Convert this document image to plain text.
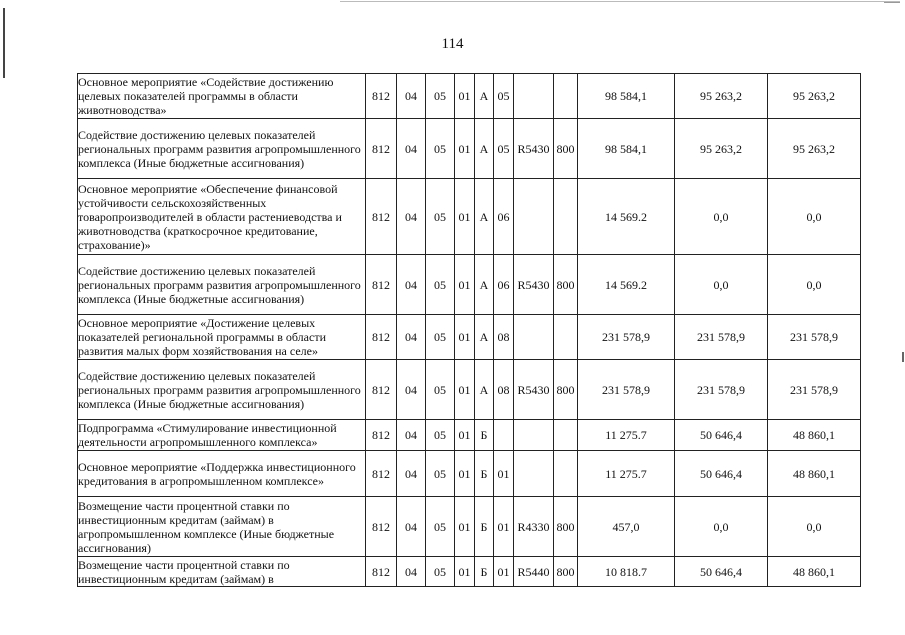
114
Основное мероприятие «Содействие достижению целевых показателей программы в области животноводства»	812	04	05	01	А	05			98 584,1	95 263,2	95 263,2
Содействие достижению целевых показателей региональных программ развития агропромышленного комплекса (Иные бюджетные ассигнования)	812	04	05	01	А	05	R5430	800	98 584,1	95 263,2	95 263,2
Основное мероприятие «Обеспечение финансовой устойчивости сельскохозяйственных товаропроизводителей в области растениеводства и животноводства (краткосрочное кредитование, страхование)»	812	04	05	01	А	06			14 569.2	0,0	0,0
Содействие достижению целевых показателей региональных программ развития агропромышленного комплекса (Иные бюджетные ассигнования)	812	04	05	01	А	06	R5430	800	14 569.2	0,0	0,0
Основное мероприятие «Достижение целевых показателей региональной программы в области развития малых форм хозяйствования на селе»	812	04	05	01	А	08			231 578,9	231 578,9	231 578,9
Содействие достижению целевых показателей региональных программ развития агропромышленного комплекса (Иные бюджетные ассигнования)	812	04	05	01	А	08	R5430	800	231 578,9	231 578,9	231 578,9
Подпрограмма «Стимулирование инвестиционной деятельности агропромышленного комплекса»	812	04	05	01	Б				11 275.7	50 646,4	48 860,1
Основное мероприятие «Поддержка инвестиционного кредитования в агропромышленном комплексе»	812	04	05	01	Б	01			11 275.7	50 646,4	48 860,1
Возмещение части процентной ставки по инвестиционным кредитам (займам) в агропромышленном комплексе (Иные бюджетные ассигнования)	812	04	05	01	Б	01	R4330	800	457,0	0,0	0,0
Возмещение части процентной ставки по инвестиционным кредитам (займам) в	812	04	05	01	Б	01	R5440	800	10 818.7	50 646,4	48 860,1
